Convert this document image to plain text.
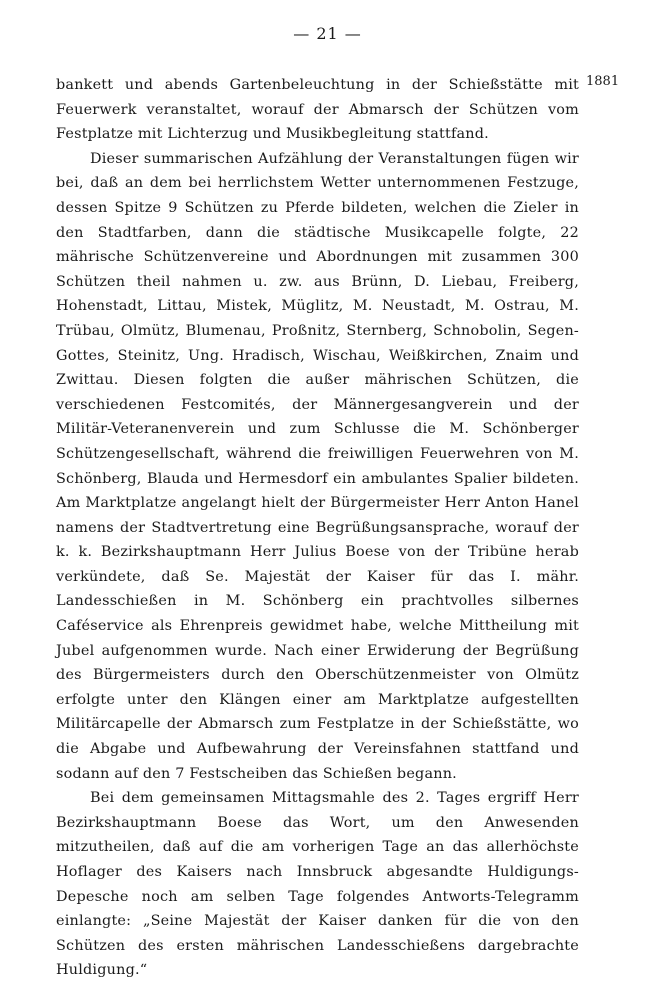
— 21 —
1881

bankett und abends Gartenbeleuchtung in der Schießstätte mit Feuerwerk veranstaltet, worauf der Abmarsch der Schützen vom Festplatze mit Lichterzug und Musikbegleitung stattfand.

Dieser summarischen Aufzählung der Veranstaltungen fügen wir bei, daß an dem bei herrlichstem Wetter unternommenen Festzuge, dessen Spitze 9 Schützen zu Pferde bildeten, welchen die Zieler in den Stadtfarben, dann die städtische Musikcapelle folgte, 22 mährische Schützenvereine und Abordnungen mit zusammen 300 Schützen theil nahmen u. zw. aus Brünn, D. Liebau, Freiberg, Hohenstadt, Littau, Mistek, Müglitz, M. Neustadt, M. Ostrau, M. Trübau, Olmütz, Blumenau, Proßnitz, Sternberg, Schnobolin, Segen-Gottes, Steinitz, Ung. Hradisch, Wischau, Weißkirchen, Znaim und Zwittau. Diesen folgten die außer mährischen Schützen, die verschiedenen Festcomités, der Männergesangverein und der Militär-Veteranenverein und zum Schlusse die M. Schönberger Schützengesellschaft, während die freiwilligen Feuerwehren von M. Schönberg, Blauda und Hermesdorf ein ambulantes Spalier bildeten. Am Marktplatze angelangt hielt der Bürgermeister Herr Anton Hanel namens der Stadtvertretung eine Begrüßungsansprache, worauf der k. k. Bezirkshauptmann Herr Julius Boese von der Tribüne herab verkündete, daß Se. Majestät der Kaiser für das I. mähr. Landesschießen in M. Schönberg ein prachtvolles silbernes Caféservice als Ehrenpreis gewidmet habe, welche Mittheilung mit Jubel aufgenommen wurde. Nach einer Erwiderung der Begrüßung des Bürgermeisters durch den Oberschützenmeister von Olmütz erfolgte unter den Klängen einer am Marktplatze aufgestellten Militärcapelle der Abmarsch zum Festplatze in der Schießstätte, wo die Abgabe und Aufbewahrung der Vereinsfahnen stattfand und sodann auf den 7 Festscheiben das Schießen begann.

Bei dem gemeinsamen Mittagsmahle des 2. Tages ergriff Herr Bezirkshauptmann Boese das Wort, um den Anwesenden mitzutheilen, daß auf die am vorherigen Tage an das allerhöchste Hoflager des Kaisers nach Innsbruck abgesandte Huldigungs-Depesche noch am selben Tage folgendes Antworts-Telegramm einlangte: „Seine Majestät der Kaiser danken für die von den Schützen des ersten mährischen Landesschießens dargebrachte Huldigung.“
